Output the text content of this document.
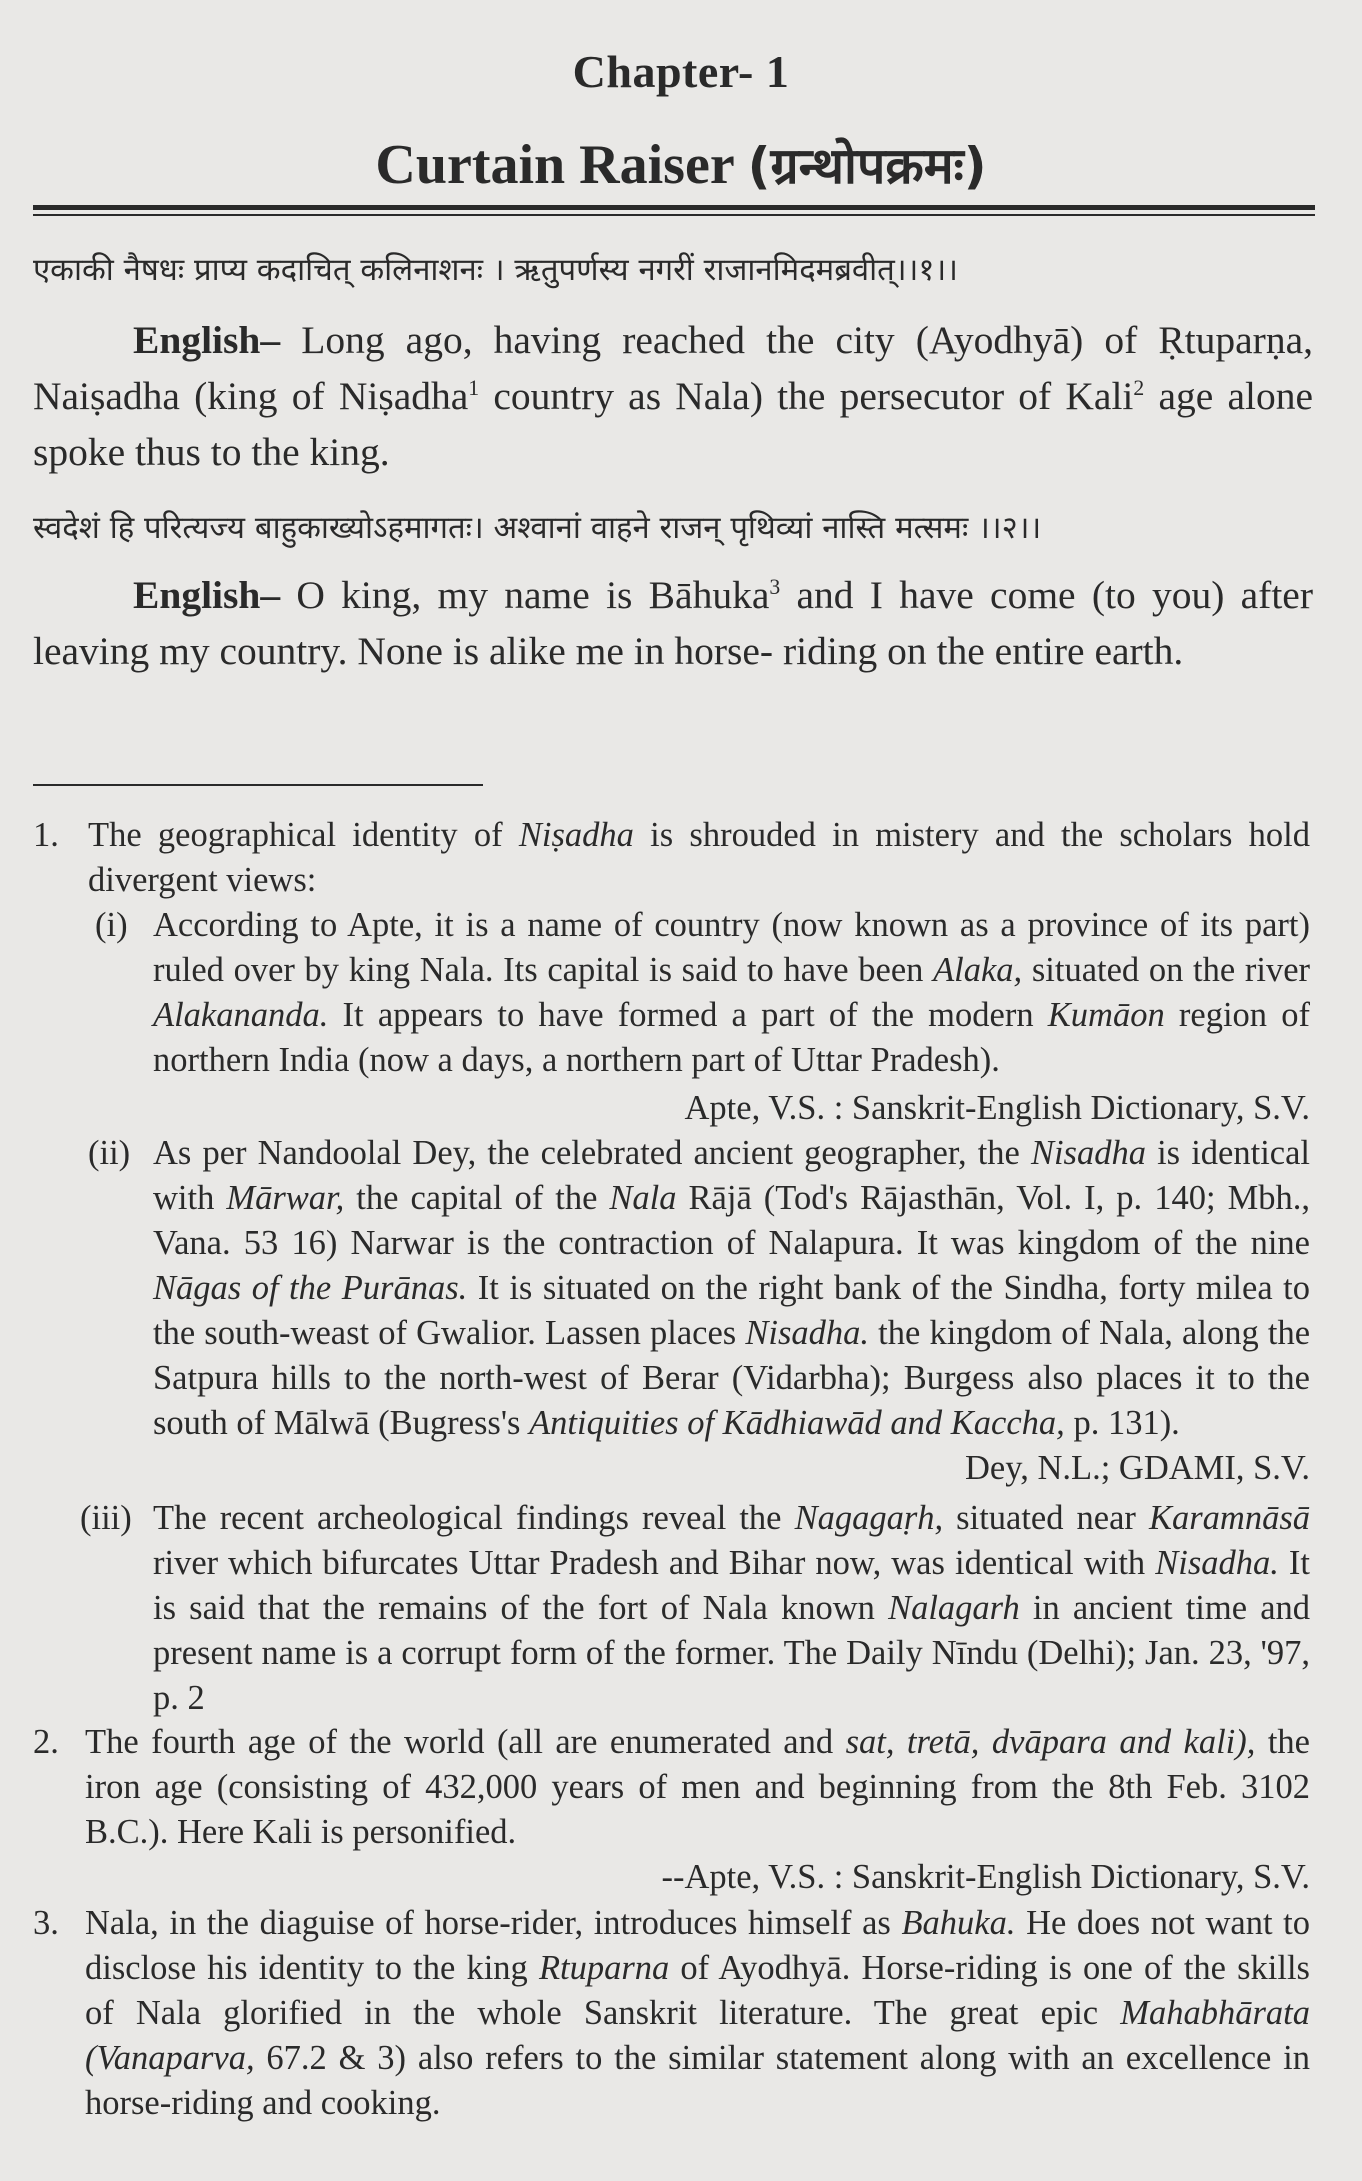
Chapter- 1
Curtain Raiser (ग्रन्थोपक्रमः)
एकाकी नैषधः प्राप्य कदाचित् कलिनाशनः । ऋतुपर्णस्य नगरीं राजानमिदमब्रवीत्।।१।।

English– Long ago, having reached the city (Ayodhyā) of Ṛtuparṇa, Naiṣadha (king of Niṣadha$^1$ country as Nala) the persecutor of Kali$^2$ age alone spoke thus to the king.

स्वदेशं हि परित्यज्य बाहुकाख्योऽहमागतः। अश्वानां वाहने राजन् पृथिव्यां नास्ति मत्समः ।।२।।

English– O king, my name is Bāhuka$^3$ and I have come (to you) after leaving my country. None is alike me in horse- riding on the entire earth.

1. The geographical identity of Niṣadha is shrouded in mistery and the scholars hold divergent views:

(i) According to Apte, it is a name of country (now known as a province of its part) ruled over by king Nala. Its capital is said to have been Alaka, situated on the river Alakananda. It appears to have formed a part of the modern Kumāon region of northern India (now a days, a northern part of Uttar Pradesh).

Apte, V.S. : Sanskrit-English Dictionary, S.V.
(ii) As per Nandoolal Dey, the celebrated ancient geographer, the Nisadha is identical with Mārwar, the capital of the Nala Rājā (Tod's Rājasthān, Vol. I, p. 140; Mbh., Vana. 53 16) Narwar is the contraction of Nalapura. It was kingdom of the nine Nāgas of the Purānas. It is situated on the right bank of the Sindha, forty milea to the south-weast of Gwalior. Lassen places Nisadha. the kingdom of Nala, along the Satpura hills to the north-west of Berar (Vidarbha); Burgess also places it to the south of Mālwā (Bugress's Antiquities of Kādhiawād and Kaccha, p. 131).

Dey, N.L.; GDAMI, S.V.
(iii) The recent archeological findings reveal the Nagagaṛh, situated near Karamnāsā river which bifurcates Uttar Pradesh and Bihar now, was identical with Nisadha. It is said that the remains of the fort of Nala known Nalagarh in ancient time and present name is a corrupt form of the former. The Daily Nīndu (Delhi); Jan. 23, '97, p. 2

2. The fourth age of the world (all are enumerated and sat, tretā, dvāpara and kali), the iron age (consisting of 432,000 years of men and beginning from the 8th Feb. 3102 B.C.). Here Kali is personified.

--Apte, V.S. : Sanskrit-English Dictionary, S.V.
3. Nala, in the diaguise of horse-rider, introduces himself as Bahuka. He does not want to disclose his identity to the king Rtuparna of Ayodhyā. Horse-riding is one of the skills of Nala glorified in the whole Sanskrit literature. The great epic Mahabhārata (Vanaparva, 67.2 & 3) also refers to the similar statement along with an excellence in horse-riding and cooking.
